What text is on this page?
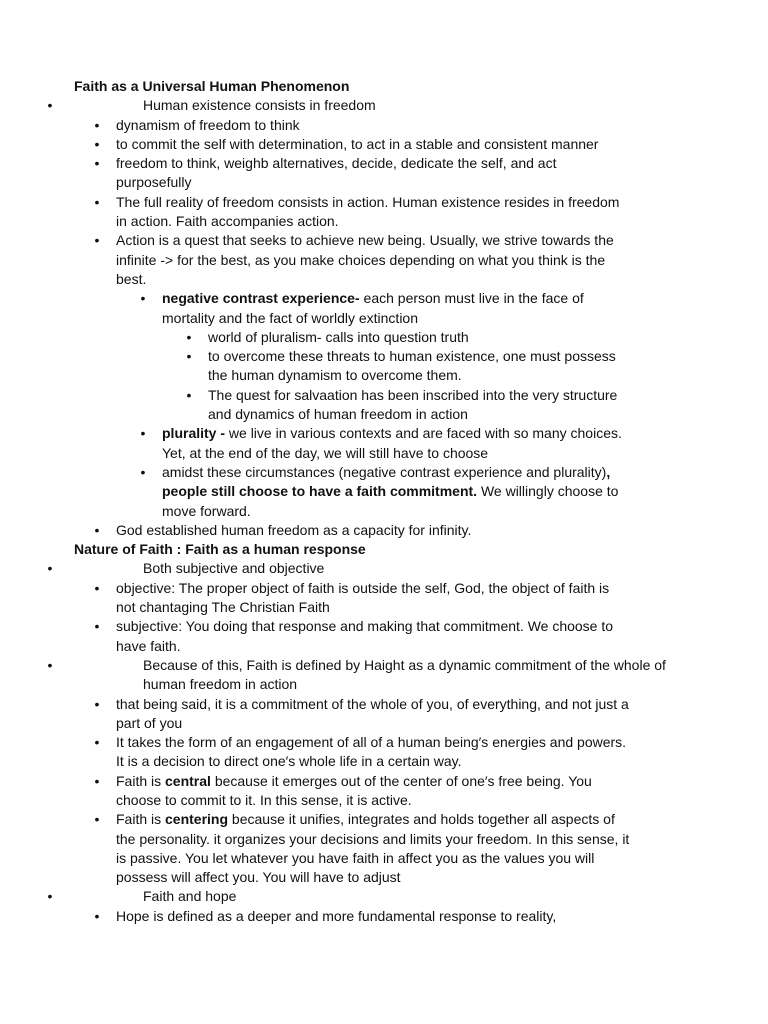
Faith as a Universal Human Phenomenon
•	Human existence consists in freedom
• dynamism of freedom to think
• to commit the self with determination, to act in a stable and consistent manner
• freedom to think, weighb alternatives, decide, dedicate the self, and act purposefully
• The full reality of freedom consists in action. Human existence resides in freedom in action. Faith accompanies action.
• Action is a quest that seeks to achieve new being. Usually, we strive towards the infinite -> for the best, as you make choices depending on what you think is the best.
• negative contrast experience- each person must live in the face of mortality and the fact of worldly extinction
• world of pluralism- calls into question truth
• to overcome these threats to human existence, one must possess the human dynamism to overcome them.
• The quest for salvaation has been inscribed into the very structure and dynamics of human freedom in action
• plurality - we live in various contexts and are faced with so many choices. Yet, at the end of the day, we will still have to choose
• amidst these circumstances (negative contrast experience and plurality), people still choose to have a faith commitment. We willingly choose to move forward.
• God established human freedom as a capacity for infinity.
Nature of Faith : Faith as a human response
•	Both subjective and objective
• objective: The proper object of faith is outside the self, God, the object of faith is not chantaging The Christian Faith
• subjective: You doing that response and making that commitment. We choose to have faith.
•	Because of this, Faith is defined by Haight as a dynamic commitment of the whole of human freedom in action
• that being said, it is a commitment of the whole of you, of everything, and not just a part of you
• It takes the form of an engagement of all of a human being′s energies and powers. It is a decision to direct one′s whole life in a certain way.
• Faith is central because it emerges out of the center of one′s free being. You choose to commit to it. In this sense, it is active.
• Faith is centering because it unifies, integrates and holds together all aspects of the personality. it organizes your decisions and limits your freedom. In this sense, it is passive. You let whatever you have faith in affect you as the values you will possess will affect you. You will have to adjust
•	Faith and hope
• Hope is defined as a deeper and more fundamental response to reality,
